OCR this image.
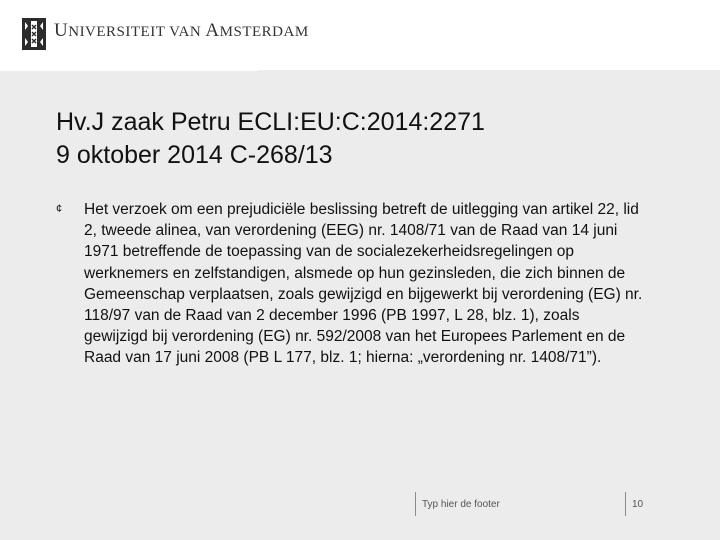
UNIVERSITEIT VAN AMSTERDAM
Hv.J zaak Petru ECLI:EU:C:2014:2271
9 oktober 2014 C-268/13
¢ Het verzoek om een prejudiciële beslissing betreft de uitlegging van artikel 22, lid 2, tweede alinea, van verordening (EEG) nr. 1408/71 van de Raad van 14 juni 1971 betreffende de toepassing van de socialezekerheidsregelingen op werknemers en zelfstandigen, alsmede op hun gezinsleden, die zich binnen de Gemeenschap verplaatsen, zoals gewijzigd en bijgewerkt bij verordening (EG) nr. 118/97 van de Raad van 2 december 1996 (PB 1997, L 28, blz. 1), zoals gewijzigd bij verordening (EG) nr. 592/2008 van het Europees Parlement en de Raad van 17 juni 2008 (PB L 177, blz. 1; hierna: „verordening nr. 1408/71”).
Typ hier de footer	10
